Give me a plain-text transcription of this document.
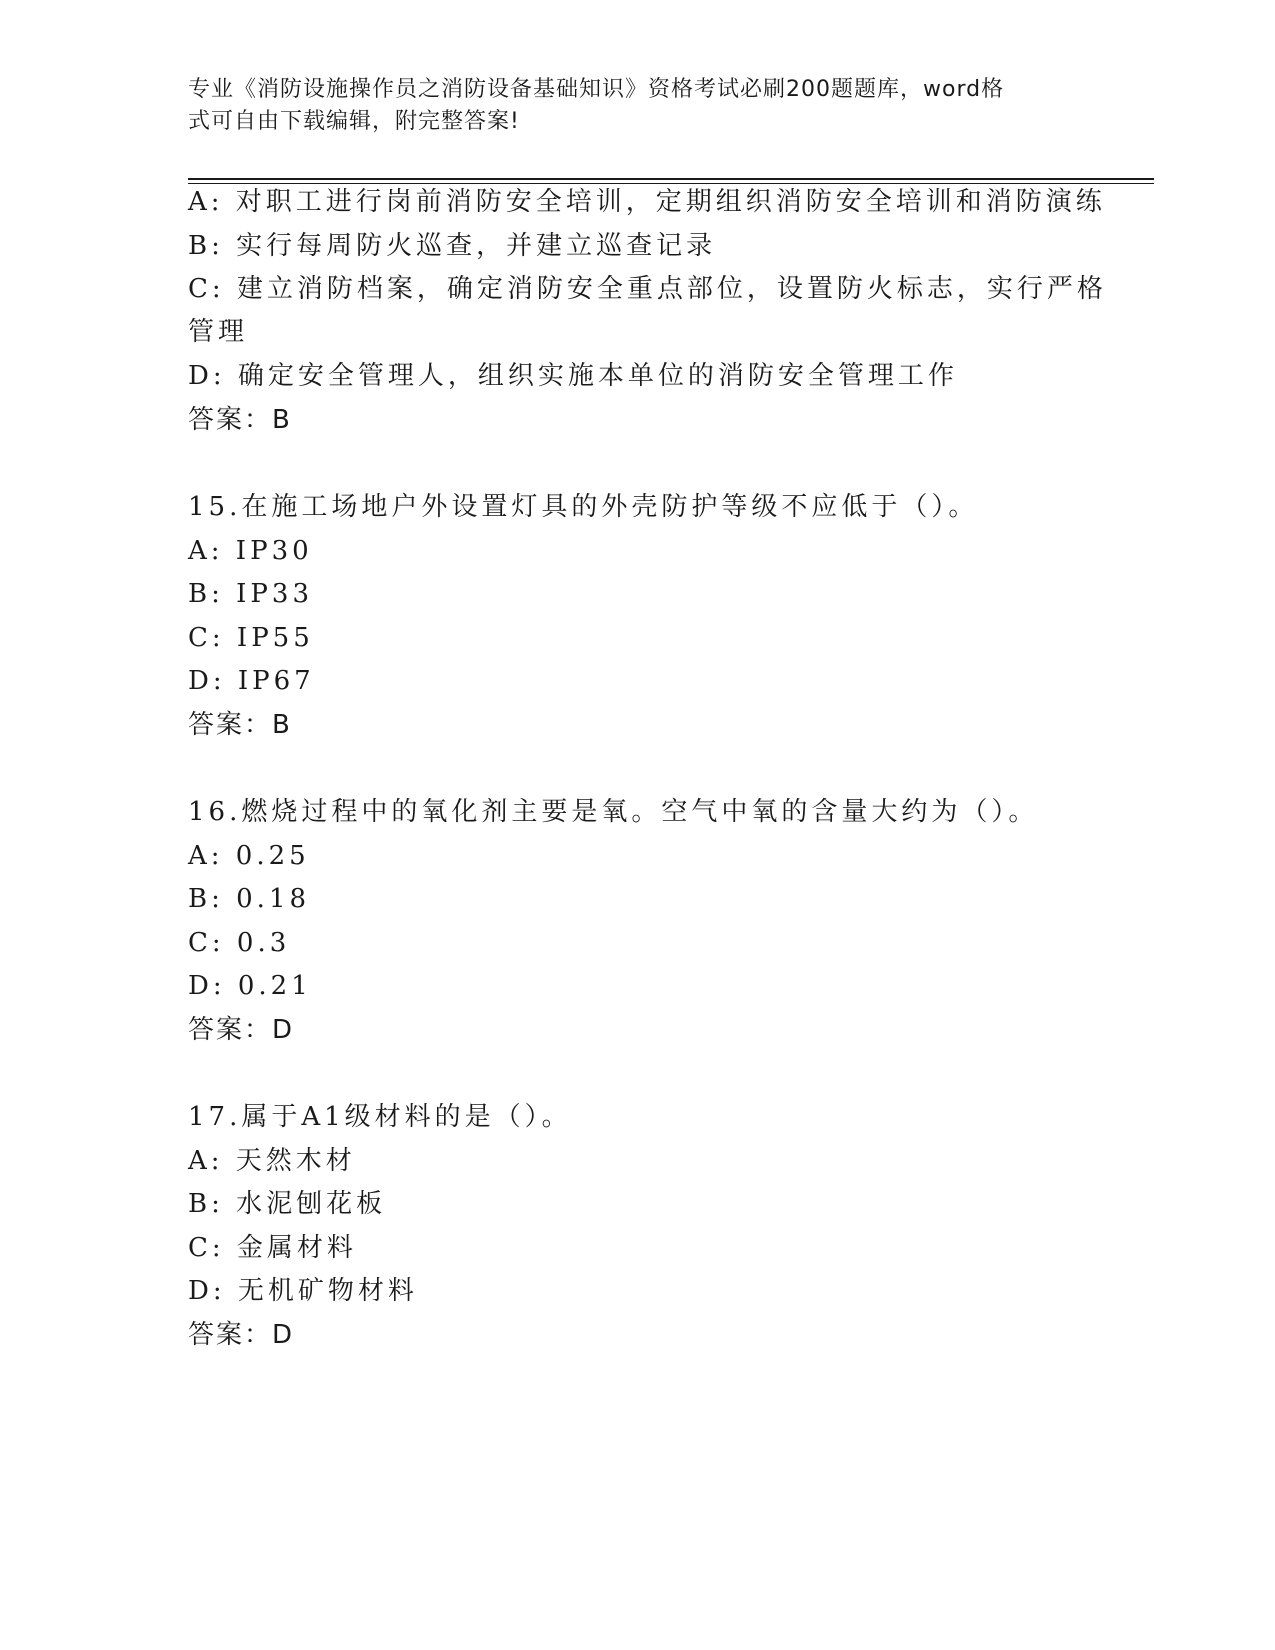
专业《消防设施操作员之消防设备基础知识》资格考试必刷200题题库，word格
式可自由下载编辑，附完整答案!
A: 对职工进行岗前消防安全培训，定期组织消防安全培训和消防演练
B: 实行每周防火巡查，并建立巡查记录
C: 建立消防档案，确定消防安全重点部位，设置防火标志，实行严格
管理
D: 确定安全管理人，组织实施本单位的消防安全管理工作
答案：B
15.在施工场地户外设置灯具的外壳防护等级不应低于（）。
A: IP30
B: IP33
C: IP55
D: IP67
答案：B
16.燃烧过程中的氧化剂主要是氧。空气中氧的含量大约为（）。
A: 0.25
B: 0.18
C: 0.3
D: 0.21
答案：D
17.属于A1级材料的是（）。
A: 天然木材
B: 水泥刨花板
C: 金属材料
D: 无机矿物材料
答案：D
